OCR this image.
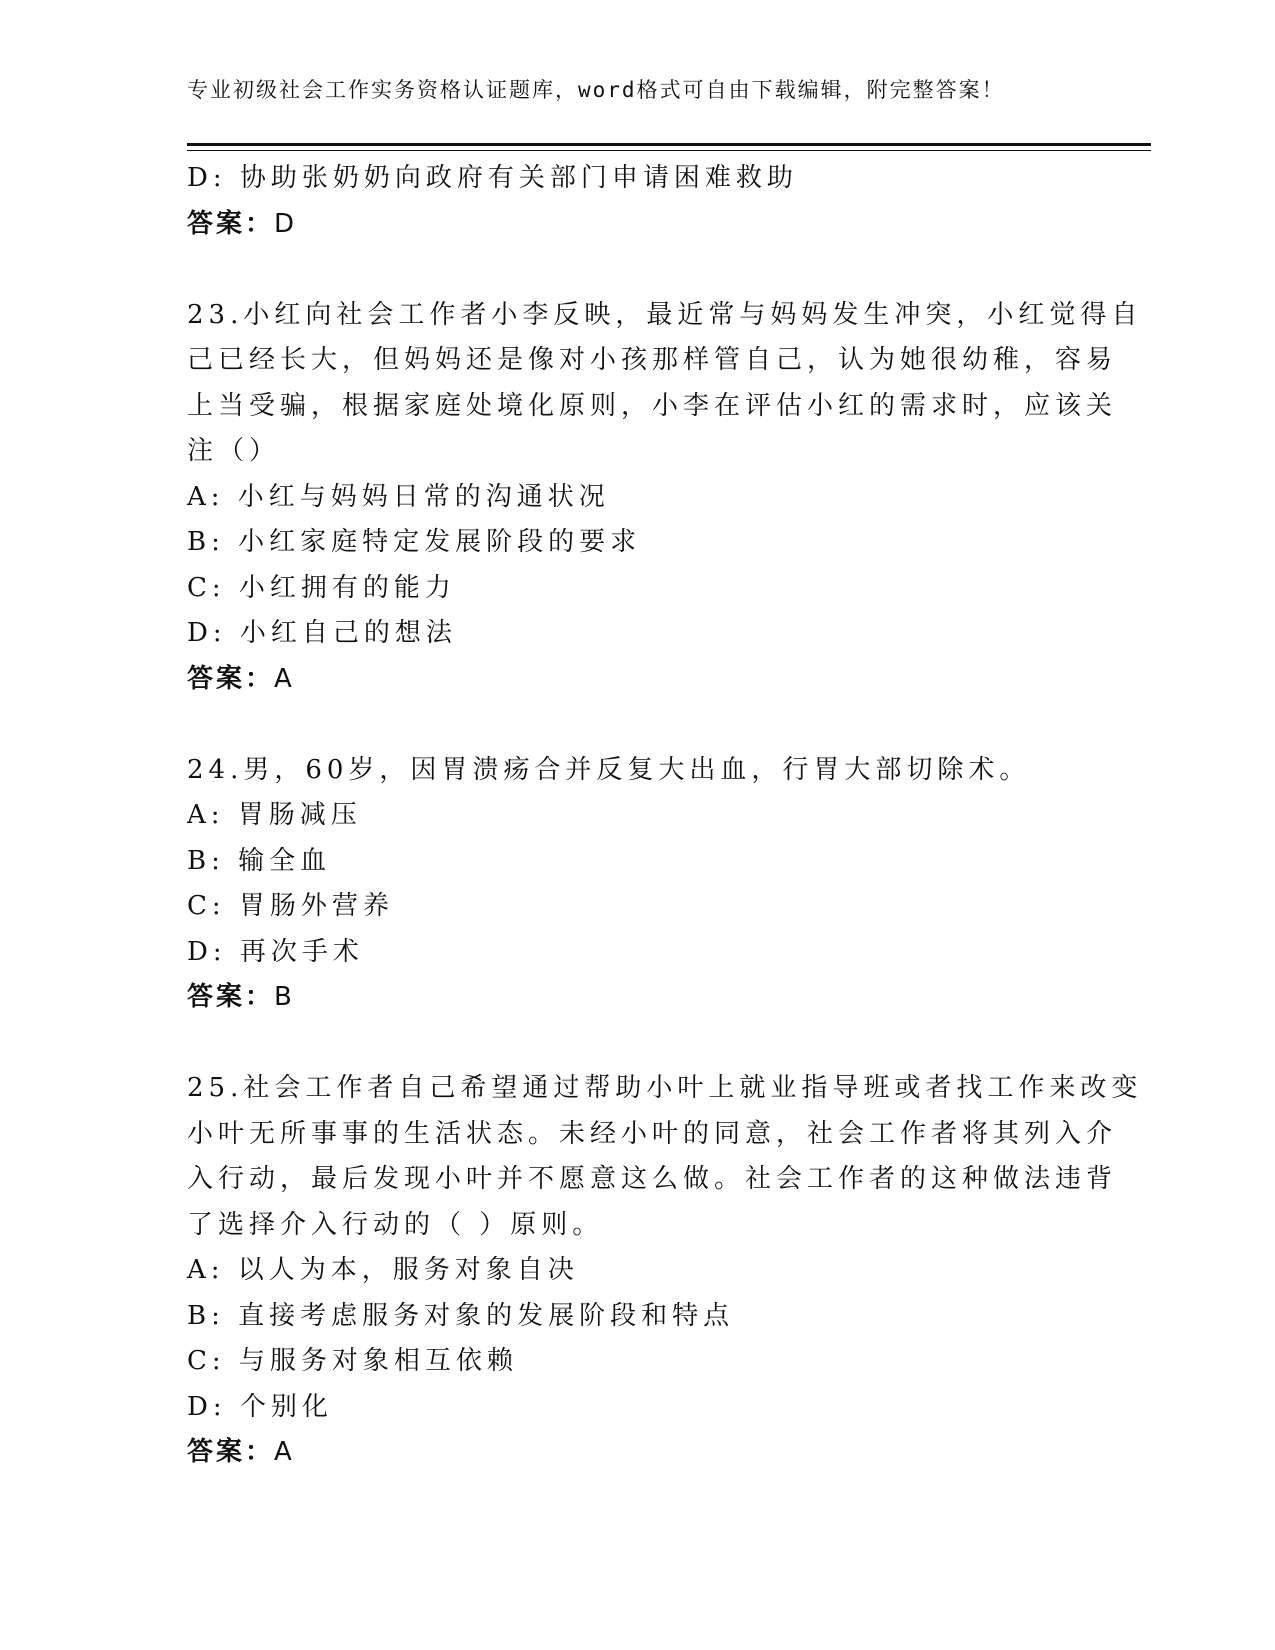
专业初级社会工作实务资格认证题库，word格式可自由下载编辑，附完整答案！
D: 协助张奶奶向政府有关部门申请困难救助
答案：D
23.小红向社会工作者小李反映，最近常与妈妈发生冲突，小红觉得自
己已经长大，但妈妈还是像对小孩那样管自己，认为她很幼稚，容易
上当受骗，根据家庭处境化原则，小李在评估小红的需求时，应该关
注（）
A: 小红与妈妈日常的沟通状况
B: 小红家庭特定发展阶段的要求
C: 小红拥有的能力
D: 小红自己的想法
答案：A
24.男，60岁，因胃溃疡合并反复大出血，行胃大部切除术。
A: 胃肠减压
B: 输全血
C: 胃肠外营养
D: 再次手术
答案：B
25.社会工作者自己希望通过帮助小叶上就业指导班或者找工作来改变
小叶无所事事的生活状态。未经小叶的同意，社会工作者将其列入介
入行动，最后发现小叶并不愿意这么做。社会工作者的这种做法违背
了选择介入行动的（ ）原则。
A: 以人为本，服务对象自决
B: 直接考虑服务对象的发展阶段和特点
C: 与服务对象相互依赖
D: 个别化
答案：A
